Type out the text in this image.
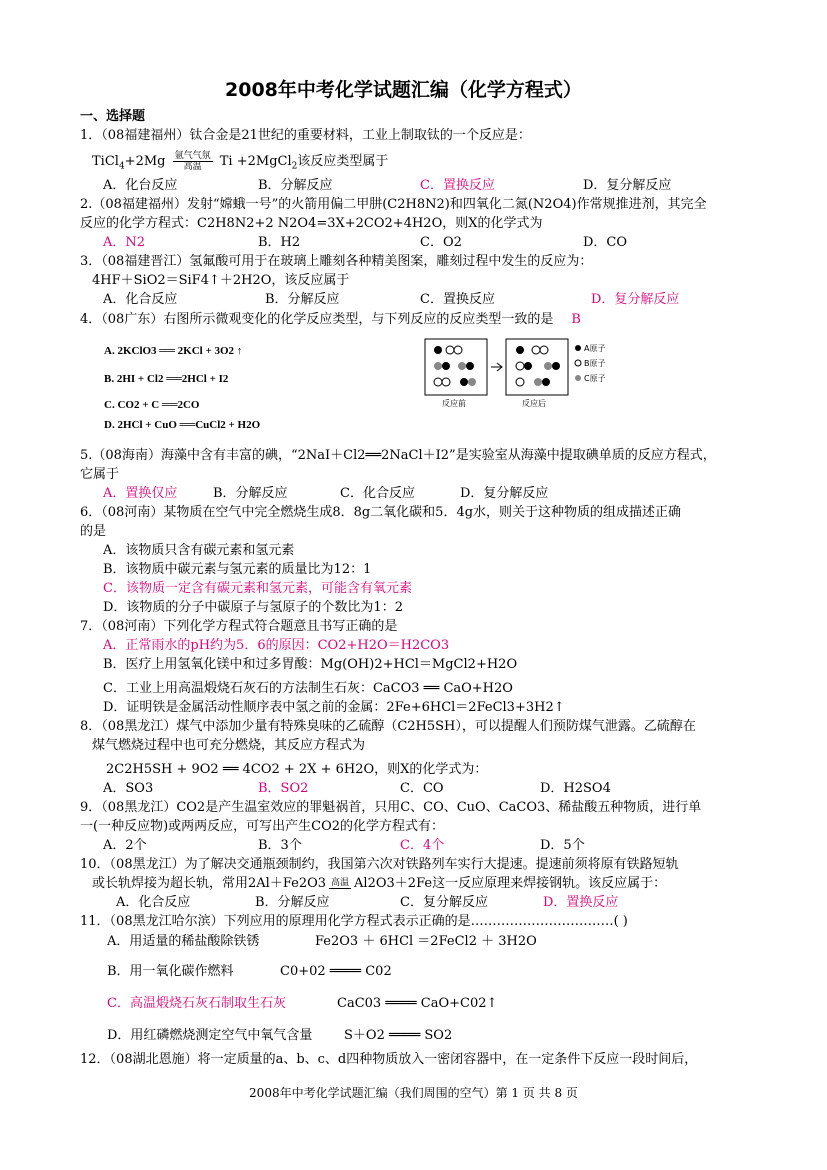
2008年中考化学试题汇编（化学方程式）
一、选择题
1．（08福建福州）钛合金是21世纪的重要材料，工业上制取钛的一个反应是：
TiCl$_4$+2Mg 氩气气氛
高温	Ti +2MgCl$_2$该反应类型属于
A．化台反应	B．分解反应	C．置换反应	D．复分解反应
2.（08福建福州）发射“嫦蛾一号”的火箭用偏二甲肼(C2H8N2)和四氧化二氮(N2O4)作常规推进剂，其完全
反应的化学方程式：C2H8N2+2 N2O4=3X+2CO2+4H2O，则X的化学式为
A．N2	B．H2	C．O2	D．CO
3．（08福建晋江）氢氟酸可用于在玻璃上雕刻各种精美图案，雕刻过程中发生的反应为：
4HF＋SiO2＝SiF4↑＋2H2O，该反应属于
A．化合反应	B．分解反应	C．置换反应	D．复分解反应
4．（08广东）右图所示微观变化的化学反应类型，与下列反应的反应类型一致的是 B
A. 2KClO3 ══ 2KCl + 3O2 ↑
B. 2HI + Cl2 ══2HCl + I2
C. CO2 + C ══2CO
D. 2HCl + CuO ══CuCl2 + H2O
A原子
B原子
C原子
反应前	反应后
5.（08海南）海藻中含有丰富的碘，“2NaI＋Cl2══2NaCl＋I2”是实验室从海藻中提取碘单质的反应方程式，
它属于
A．置换仅应	B．分解反应	C．化合反应	D．复分解反应
6．（08河南）某物质在空气中完全燃烧生成8．8g二氧化碳和5．4g水，则关于这种物质的组成描述正确
的是
A．该物质只含有碳元素和氢元素
B．该物质中碳元素与氢元素的质量比为12：1
C．该物质一定含有碳元素和氢元素，可能含有氧元素
D．该物质的分子中碳原子与氢原子的个数比为1：2
7．（08河南）下列化学方程式符合题意且书写正确的是
A．正常雨水的pH约为5．6的原因：CO2+H2O＝H2CO3
B．医疗上用氢氧化镁中和过多胃酸：Mg(OH)2+HCl＝MgCl2+H2O
C．工业上用高温煅烧石灰石的方法制生石灰：CaCO3 ══ CaO+H2O
D．证明铁是金属活动性顺序表中氢之前的金属：2Fe+6HCl＝2FeCl3+3H2↑
8．（08黑龙江）煤气中添加少量有特殊臭味的乙硫醇（C2H5SH），可以提醒人们预防煤气泄露。乙硫醇在
煤气燃烧过程中也可充分燃烧，其反应方程式为
2C2H5SH + 9O2 ══ 4CO2 + 2X + 6H2O，则X的化学式为：
A．SO3	B．SO2	C．CO	D．H2SO4
9．（08黑龙江）CO2是产生温室效应的罪魁祸首，只用C、CO、CuO、CaCO3、稀盐酸五种物质，进行单
一(一种反应物)或两两反应，可写出产生CO2的化学方程式有：
A．2个	B．3个	C．4个	D．5个
10．（08黑龙江）为了解决交通瓶颈制约，我国第六次对铁路列车实行大提速。提速前须将原有铁路短轨
或长轨焊接为超长轨，常用2Al＋Fe2O3 高温 Al2O3＋2Fe这一反应原理来焊接钢轨。该反应属于：
A．化合反应	B．分解反应	C．复分解反应	D．置换反应
11．（08黑龙江哈尔滨）下列应用的原理用化学方程式表示正确的是……………………………( )
A．用适量的稀盐酸除铁锈	Fe2O3 ＋ 6HCl ＝2FeCl2 ＋ 3H2O
B．用一氧化碳作燃料	C0+02 ════ C02
C．高温煅烧石灰石制取生石灰	CaC03 ════ CaO+C02↑
D．用红磷燃烧测定空气中氧气含量 S＋O2 ════ SO2
12．（08湖北恩施）将一定质量的a、b、c、d四种物质放入一密闭容器中，在一定条件下反应一段时间后，
2008年中考化学试题汇编（我们周围的空气）第 1 页 共 8 页
